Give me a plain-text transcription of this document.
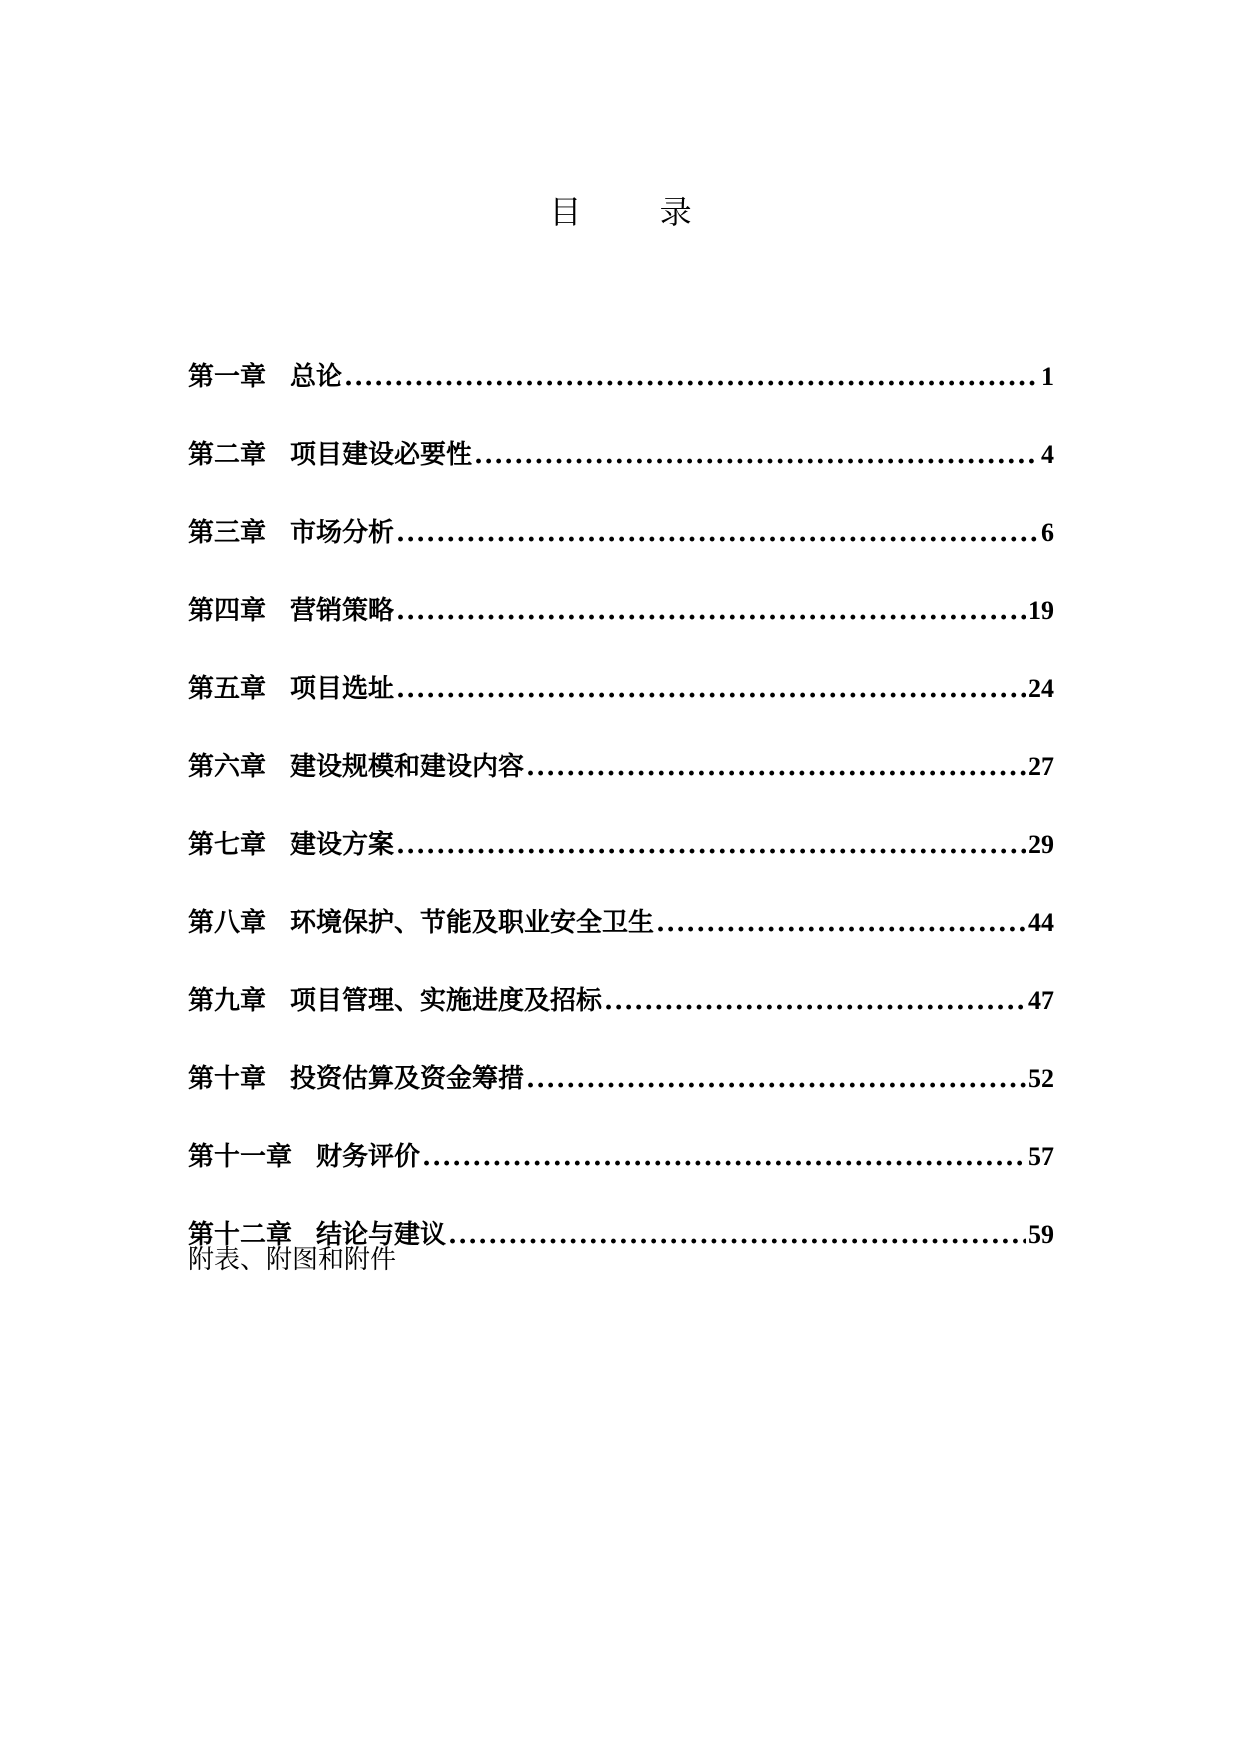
目 录
第一章 总论 .....	1
第二章 项目建设必要性 .....	4
第三章 市场分析 .....	6
第四章 营销策略 .....	19
第五章 项目选址 .....	24
第六章 建设规模和建设内容 .....	27
第七章 建设方案 .....	29
第八章 环境保护、节能及职业安全卫生 .....	44
第九章 项目管理、实施进度及招标 .....	47
第十章 投资估算及资金筹措 .....	52
第十一章 财务评价 .....	57
第十二章 结论与建议 .....	59
附表、附图和附件
